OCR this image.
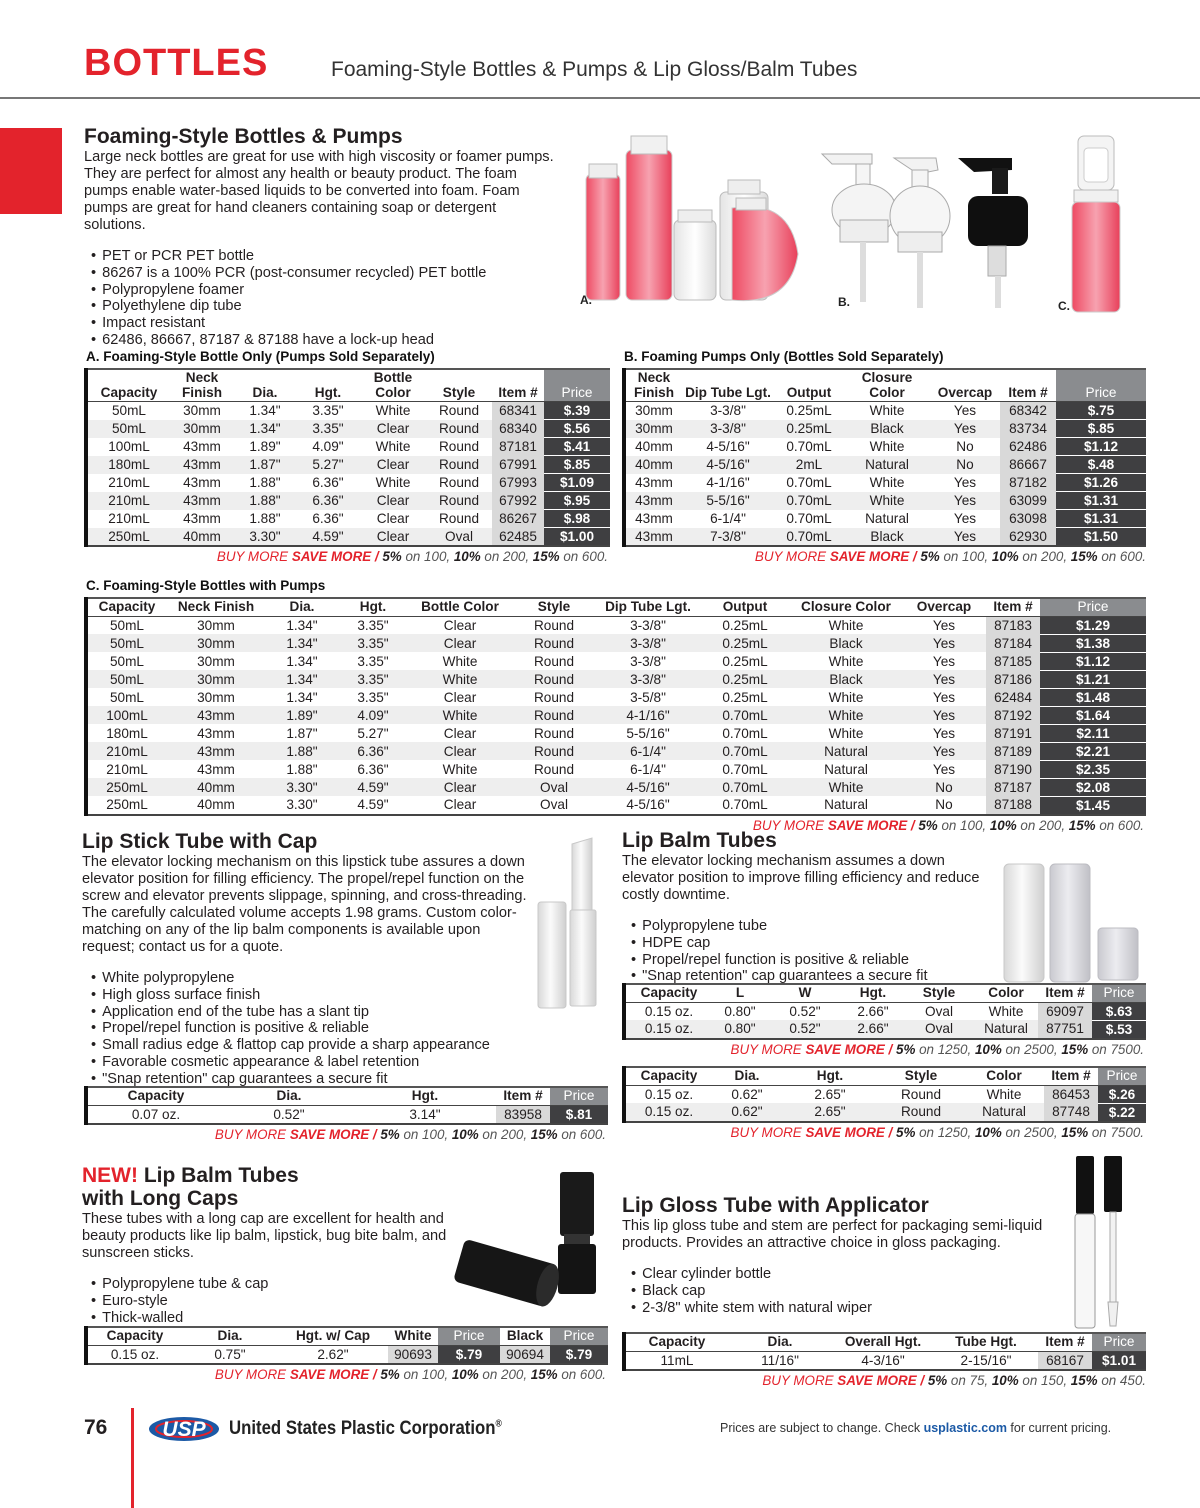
BOTTLES	Foaming-Style Bottles & Pumps & Lip Gloss/Balm Tubes
Foaming-Style Bottles & Pumps

Large neck bottles are great for use with high viscosity or foamer pumps. They are perfect for almost any health or beauty product. The foam pumps enable water-based liquids to be converted into foam. Foam pumps are great for hand cleaners containing soap or detergent solutions.

• PET or PCR PET bottle
• 86267 is a 100% PCR (post-consumer recycled) PET bottle
• Polypropylene foamer
• Polyethylene dip tube
• Impact resistant
• 62486, 86667, 87187 & 87188 have a lock-up head
A.	B.	C.
A. Foaming-Style Bottle Only (Pumps Sold Separately)
Capacity	Neck Finish	Dia.	Hgt.	Bottle Color	Style	Item #	Price
50mL	30mm	1.34"	3.35"	White	Round	68341	$.39
50mL	30mm	1.34"	3.35"	Clear	Round	68340	$.56
100mL	43mm	1.89"	4.09"	White	Round	87181	$.41
180mL	43mm	1.87"	5.27"	Clear	Round	67991	$.85
210mL	43mm	1.88"	6.36"	White	Round	67993	$1.09
210mL	43mm	1.88"	6.36"	Clear	Round	67992	$.95
210mL	43mm	1.88"	6.36"	Clear	Round	86267	$.98
250mL	40mm	3.30"	4.59"	Clear	Oval	62485	$1.00
BUY MORE SAVE MORE / 5% on 100, 10% on 200, 15% on 600.
B. Foaming Pumps Only (Bottles Sold Separately)
Neck Finish	Dip Tube Lgt.	Output	Closure Color	Overcap	Item #	Price
30mm	3-3/8"	0.25mL	White	Yes	68342	$.75
30mm	3-3/8"	0.25mL	Black	Yes	83734	$.85
40mm	4-5/16"	0.70mL	White	No	62486	$1.12
40mm	4-5/16"	2mL	Natural	No	86667	$.48
43mm	4-1/16"	0.70mL	White	Yes	87182	$1.26
43mm	5-5/16"	0.70mL	White	Yes	63099	$1.31
43mm	6-1/4"	0.70mL	Natural	Yes	63098	$1.31
43mm	7-3/8"	0.70mL	Black	Yes	62930	$1.50
BUY MORE SAVE MORE / 5% on 100, 10% on 200, 15% on 600.
C. Foaming-Style Bottles with Pumps
Capacity	Neck Finish	Dia.	Hgt.	Bottle Color	Style	Dip Tube Lgt.	Output	Closure Color	Overcap	Item #	Price
50mL	30mm	1.34"	3.35"	Clear	Round	3-3/8"	0.25mL	White	Yes	87183	$1.29
50mL	30mm	1.34"	3.35"	Clear	Round	3-3/8"	0.25mL	Black	Yes	87184	$1.38
50mL	30mm	1.34"	3.35"	White	Round	3-3/8"	0.25mL	White	Yes	87185	$1.12
50mL	30mm	1.34"	3.35"	White	Round	3-3/8"	0.25mL	Black	Yes	87186	$1.21
50mL	30mm	1.34"	3.35"	Clear	Round	3-5/8"	0.25mL	White	Yes	62484	$1.48
100mL	43mm	1.89"	4.09"	White	Round	4-1/16"	0.70mL	White	Yes	87192	$1.64
180mL	43mm	1.87"	5.27"	Clear	Round	5-5/16"	0.70mL	White	Yes	87191	$2.11
210mL	43mm	1.88"	6.36"	Clear	Round	6-1/4"	0.70mL	Natural	Yes	87189	$2.21
210mL	43mm	1.88"	6.36"	White	Round	6-1/4"	0.70mL	Natural	Yes	87190	$2.35
250mL	40mm	3.30"	4.59"	Clear	Oval	4-5/16"	0.70mL	White	No	87187	$2.08
250mL	40mm	3.30"	4.59"	Clear	Oval	4-5/16"	0.70mL	Natural	No	87188	$1.45
BUY MORE SAVE MORE / 5% on 100, 10% on 200, 15% on 600.
Lip Stick Tube with Cap

The elevator locking mechanism on this lipstick tube assures a down elevator position for filling efficiency. The propel/repel function on the screw and elevator prevents slippage, spinning, and cross-threading. The carefully calculated volume accepts 1.98 grams. Custom color-matching on any of the lip balm components is available upon request; contact us for a quote.

• White polypropylene
• High gloss surface finish
• Application end of the tube has a slant tip
• Propel/repel function is positive & reliable
• Small radius edge & flattop cap provide a sharp appearance
• Favorable cosmetic appearance & label retention
• "Snap retention" cap guarantees a secure fit
Capacity	Dia.	Hgt.	Item #	Price
0.07 oz.	0.52"	3.14"	83958	$.81
BUY MORE SAVE MORE / 5% on 100, 10% on 200, 15% on 600.
Lip Balm Tubes

The elevator locking mechanism assumes a down elevator position to improve filling efficiency and reduce costly downtime.

• Polypropylene tube
• HDPE cap
• Propel/repel function is positive & reliable
• "Snap retention" cap guarantees a secure fit
Capacity	L	W	Hgt.	Style	Color	Item #	Price
0.15 oz.	0.80"	0.52"	2.66"	Oval	White	69097	$.63
0.15 oz.	0.80"	0.52"	2.66"	Oval	Natural	87751	$.53
BUY MORE SAVE MORE / 5% on 1250, 10% on 2500, 15% on 7500.
Capacity	Dia.	Hgt.	Style	Color	Item #	Price
0.15 oz.	0.62"	2.65"	Round	White	86453	$.26
0.15 oz.	0.62"	2.65"	Round	Natural	87748	$.22
BUY MORE SAVE MORE / 5% on 1250, 10% on 2500, 15% on 7500.
NEW! Lip Balm Tubes
with Long Caps

These tubes with a long cap are excellent for health and beauty products like lip balm, lipstick, bug bite balm, and sunscreen sticks.

• Polypropylene tube & cap
• Euro-style
• Thick-walled
Capacity	Dia.	Hgt. w/ Cap	White	Price	Black	Price
0.15 oz.	0.75"	2.62"	90693	$.79	90694	$.79
BUY MORE SAVE MORE / 5% on 100, 10% on 200, 15% on 600.
Lip Gloss Tube with Applicator

This lip gloss tube and stem are perfect for packaging semi-liquid products. Provides an attractive choice in gloss packaging.

• Clear cylinder bottle
• Black cap
• 2-3/8" white stem with natural wiper
Capacity	Dia.	Overall Hgt.	Tube Hgt.	Item #	Price
11mL	11/16"	4-3/16"	2-15/16"	68167	$1.01
BUY MORE SAVE MORE / 5% on 75, 10% on 150, 15% on 450.
76	USP United States Plastic Corporation®	Prices are subject to change. Check usplastic.com for current pricing.
